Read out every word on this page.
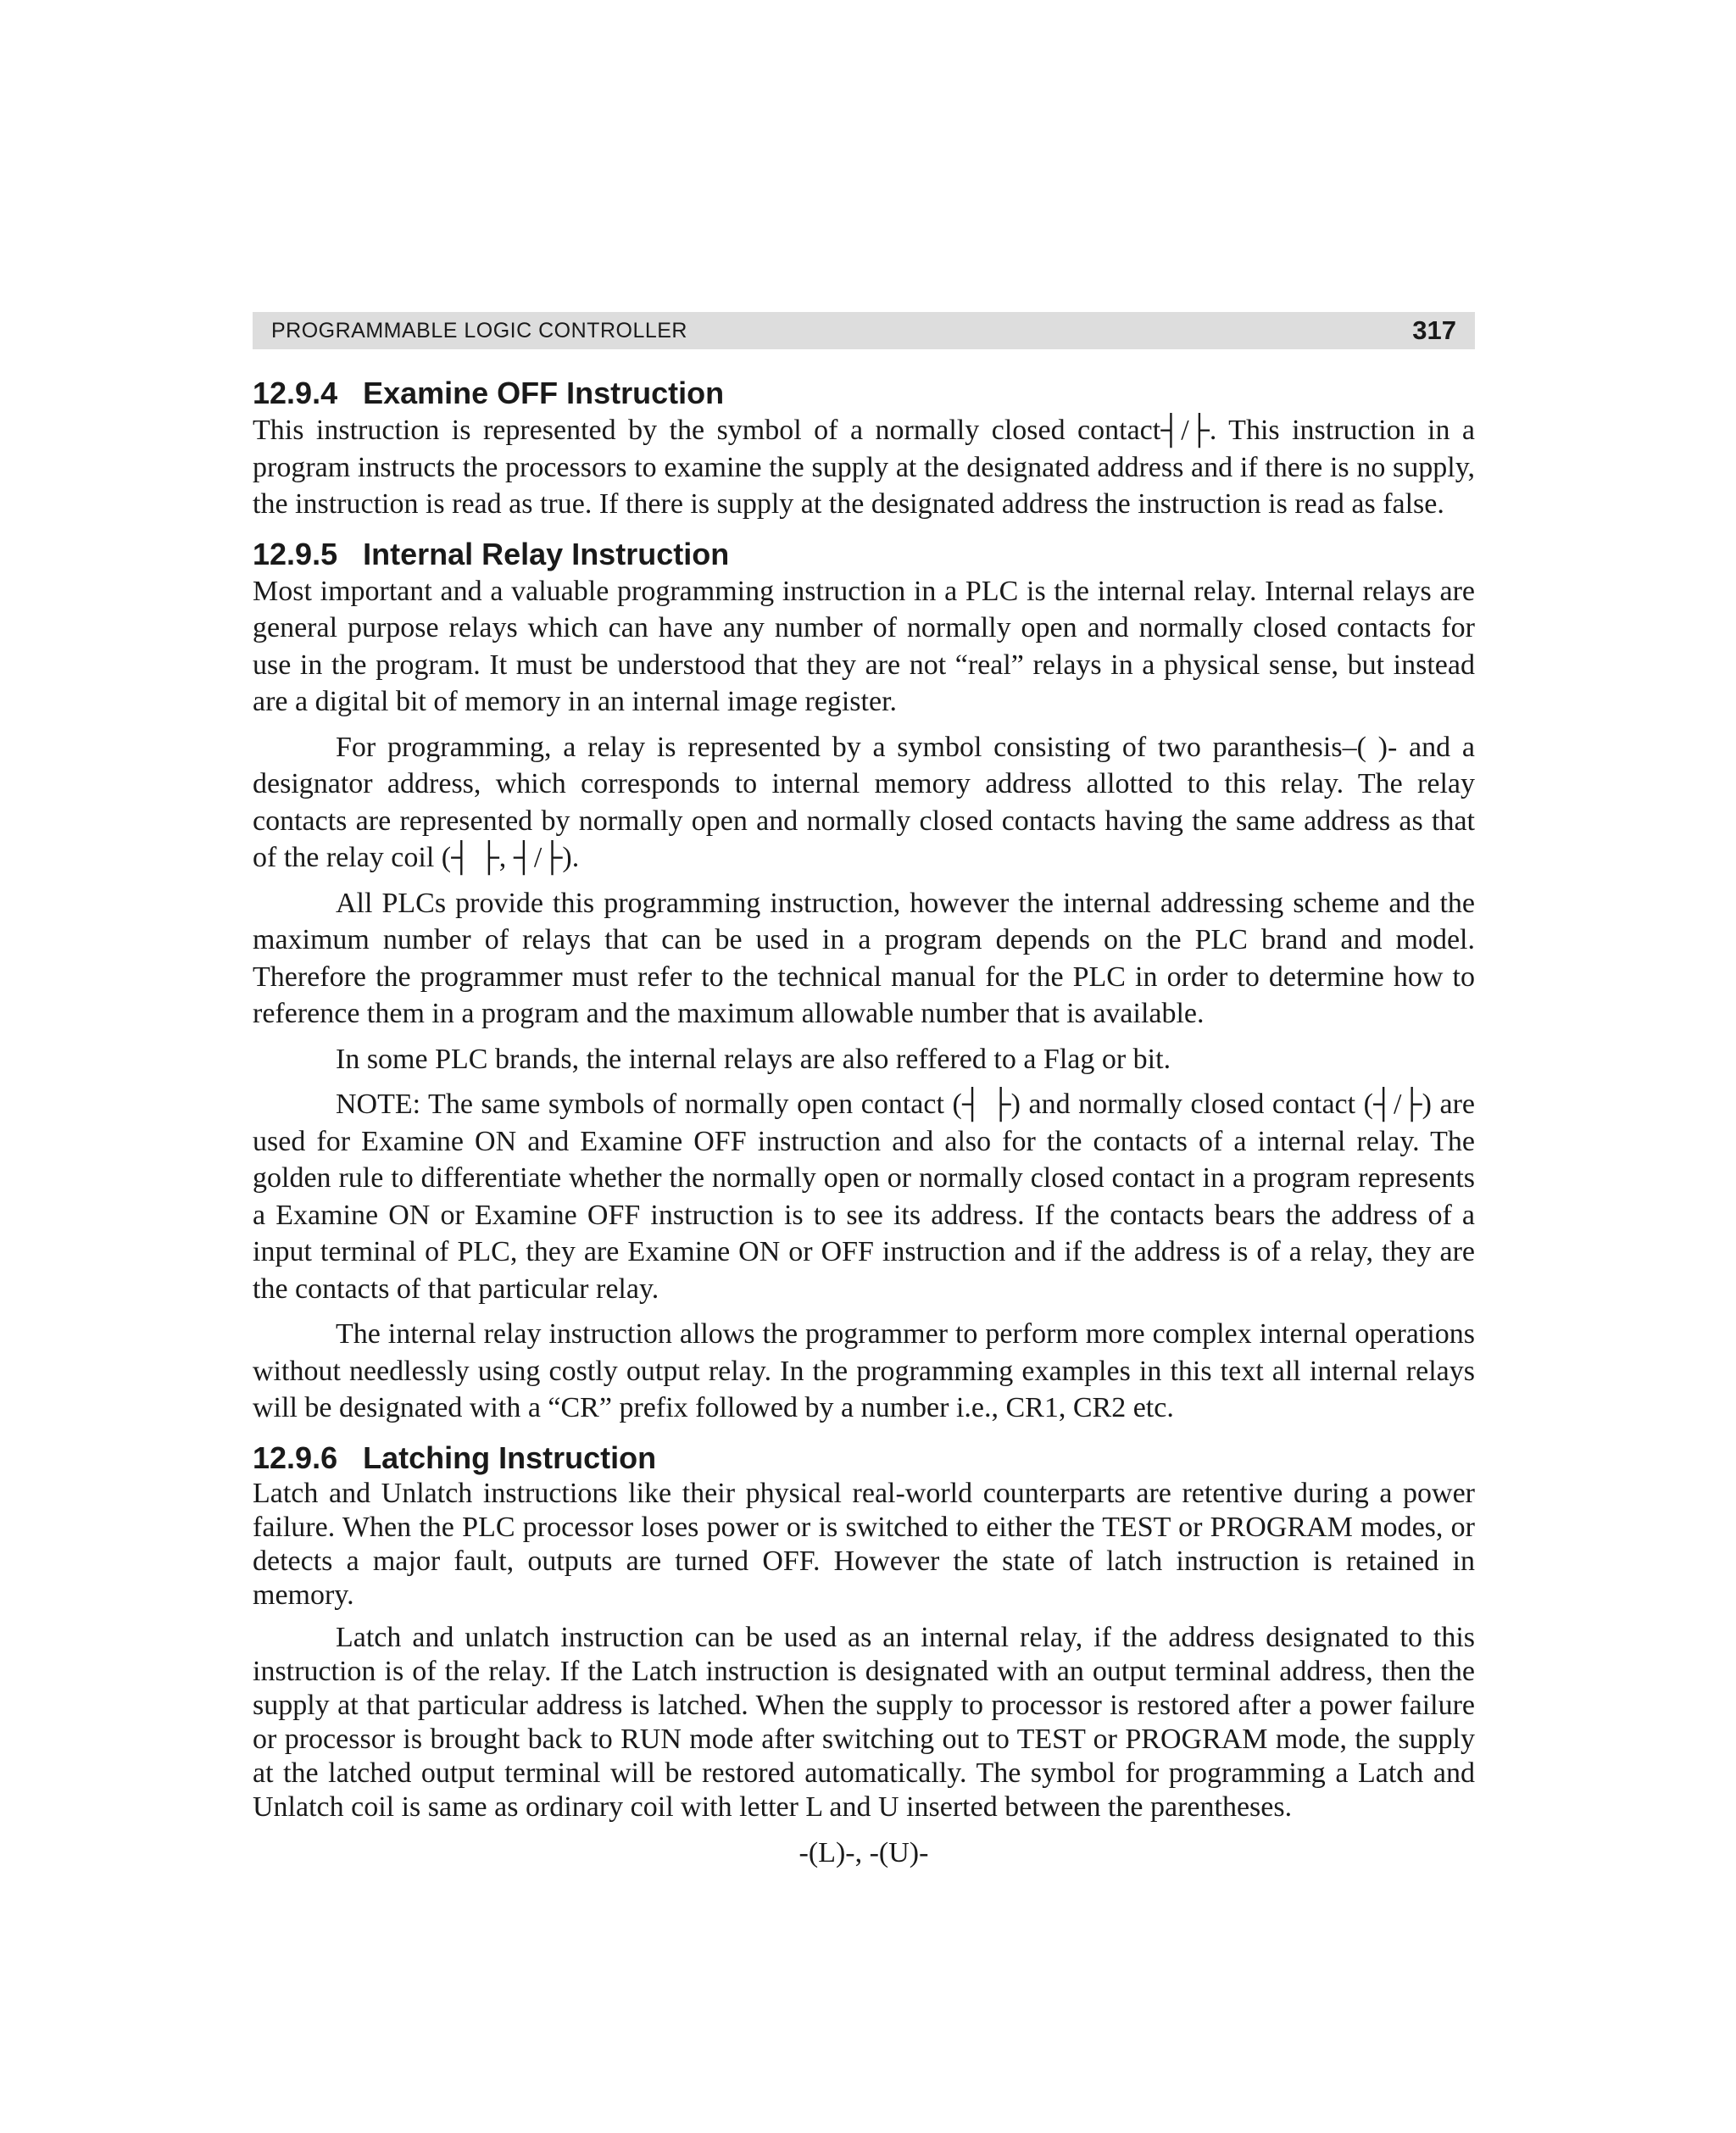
PROGRAMMABLE LOGIC CONTROLLER	317
12.9.4   Examine OFF Instruction

This instruction is represented by the symbol of a normally closed contact┤/├. This instruction in a program instructs the processors to examine the supply at the designated address and if there is no supply, the instruction is read as true. If there is supply at the designated address the instruction is read as false.

12.9.5   Internal Relay Instruction

Most important and a valuable programming instruction in a PLC is the internal relay. Internal relays are general purpose relays which can have any number of normally open and normally closed contacts for use in the program. It must be understood that they are not “real” relays in a physical sense, but instead are a digital bit of memory in an internal image register.

For programming, a relay is represented by a symbol consisting of two paranthesis–( )- and a designator address, which corresponds to internal memory address allotted to this relay. The relay contacts are represented by normally open and normally closed contacts having the same address as that of the relay coil (┤ ├, ┤/├).

All PLCs provide this programming instruction, however the internal addressing scheme and the maximum number of relays that can be used in a program depends on the PLC brand and model. Therefore the programmer must refer to the technical manual for the PLC in order to determine how to reference them in a program and the maximum allowable number that is available.

In some PLC brands, the internal relays are also reffered to a Flag or bit.

NOTE: The same symbols of normally open contact (┤ ├) and normally closed contact (┤/├) are used for Examine ON and Examine OFF instruction and also for the contacts of a internal relay. The golden rule to differentiate whether the normally open or normally closed contact in a program represents a Examine ON or Examine OFF instruction is to see its address. If the contacts bears the address of a input terminal of PLC, they are Examine ON or OFF instruction and if the address is of a relay, they are the contacts of that particular relay.

The internal relay instruction allows the programmer to perform more complex internal operations without needlessly using costly output relay. In the programming examples in this text all internal relays will be designated with a “CR” prefix followed by a number i.e., CR1, CR2 etc.

12.9.6   Latching Instruction

Latch and Unlatch instructions like their physical real-world counterparts are retentive during a power failure. When the PLC processor loses power or is switched to either the TEST or PROGRAM modes, or detects a major fault, outputs are turned OFF. However the state of latch instruction is retained in memory.

Latch and unlatch instruction can be used as an internal relay, if the address designated to this instruction is of the relay. If the Latch instruction is designated with an output terminal address, then the supply at that particular address is latched. When the supply to processor is restored after a power failure or processor is brought back to RUN mode after switching out to TEST or PROGRAM mode, the supply at the latched output terminal will be restored automatically. The symbol for programming a Latch and Unlatch coil is same as ordinary coil with letter L and U inserted between the parentheses.

-(L)-, -(U)-
